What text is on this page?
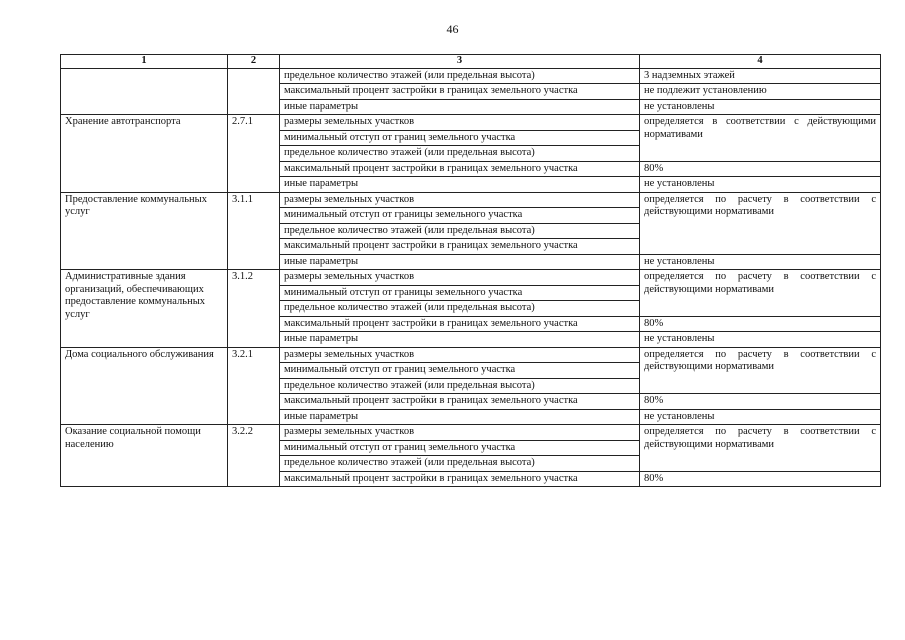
46
1	2	3	4
		предельное количество этажей (или предельная высота)	3 надземных этажей
		максимальный процент застройки в границах земельного участка	не подлежит установлению
		иные параметры	не установлены
Хранение автотранспорта	2.7.1	размеры земельных участков	определяется в соответствии с действующими нормативами
		минимальный отступ от границ земельного участка	
		предельное количество этажей (или предельная высота)	
		максимальный процент застройки в границах земельного участка	80%
		иные параметры	не установлены
Предоставление коммунальных услуг	3.1.1	размеры земельных участков	определяется по расчету в соответствии с действующими нормативами
		минимальный отступ от границы земельного участка	
		предельное количество этажей (или предельная высота)	
		максимальный процент застройки в границах земельного участка	
		иные параметры	не установлены
Административные здания организаций, обеспечивающих предоставление коммунальных услуг	3.1.2	размеры земельных участков	определяется по расчету в соответствии с действующими нормативами
		минимальный отступ от границы земельного участка	
		предельное количество этажей (или предельная высота)	
		максимальный процент застройки в границах земельного участка	80%
		иные параметры	не установлены
Дома социального обслуживания	3.2.1	размеры земельных участков	определяется по расчету в соответствии с действующими нормативами
		минимальный отступ от границ земельного участка	
		предельное количество этажей (или предельная высота)	
		максимальный процент застройки в границах земельного участка	80%
		иные параметры	не установлены
Оказание социальной помощи населению	3.2.2	размеры земельных участков	определяется по расчету в соответствии с действующими нормативами
		минимальный отступ от границ земельного участка	
		предельное количество этажей (или предельная высота)	
		максимальный процент застройки в границах земельного участка	80%
